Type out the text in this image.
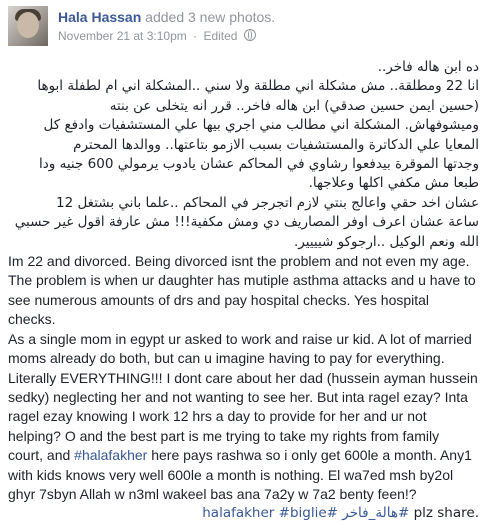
Hala Hassan added 3 new photos.
November 21 at 3:10pm · Edited

ده ابن هاله فاخر..

انا 22 ومطلقة.. مش مشكلة اني مطلقة ولا سني ..المشكلة اني ام لطفلة ابوها

(حسين ايمن حسين صدقي) ابن هاله فاخر.. قرر انه يتخلى عن بنته

وميشوفهاش. المشكلة اني مطالب مني اجري بيها علي المستشفيات وادفع كل

المعايا علي الدكاترة والمستشفيات بسبب الازمو بتاعتها.. ووالدها المحترم

وجدتها الموقرة بيدفعوا رشاوي في المحاكم عشان يادوب يرمولي 600 جنيه ودا

طبعا مش مكفي اكلها وعلاجها.

عشان اخد حقي واعالج بنتي لازم اتجرجر في المحاكم ..علما باني بشتغل 12

ساعة عشان اعرف اوفر المصاريف دي ومش مكفية!!! مش عارفة اقول غير حسبي

الله ونعم الوكيل ..ارجوكو شيييير.

Im 22 and divorced. Being divorced isnt the problem and not even my age.

The problem is when ur daughter has mutiple asthma attacks and u have to

see numerous amounts of drs and pay hospital checks. Yes hospital checks.

As a single mom in egypt ur asked to work and raise ur kid. A lot of married

moms already do both, but can u imagine having to pay for everything.

Literally EVERYTHING!!! I dont care about her dad (hussein ayman hussein

sedky) neglecting her and not wanting to see her. But inta ragel ezay? Inta

ragel ezay knowing I work 12 hrs a day to provide for her and ur not

helping? O and the best part is me trying to take my rights from family

court, and #halafakher here pays rashwa so i only get 600le a month. Any1

with kids knows very well 600le a month is nothing. El wa7ed msh by2ol

ghyr 7sbyn Allah w n3ml wakeel bas ana 7a2y w 7a2 benty feen!?

.plz share #هالة_فاخر #halafakher #biglie
